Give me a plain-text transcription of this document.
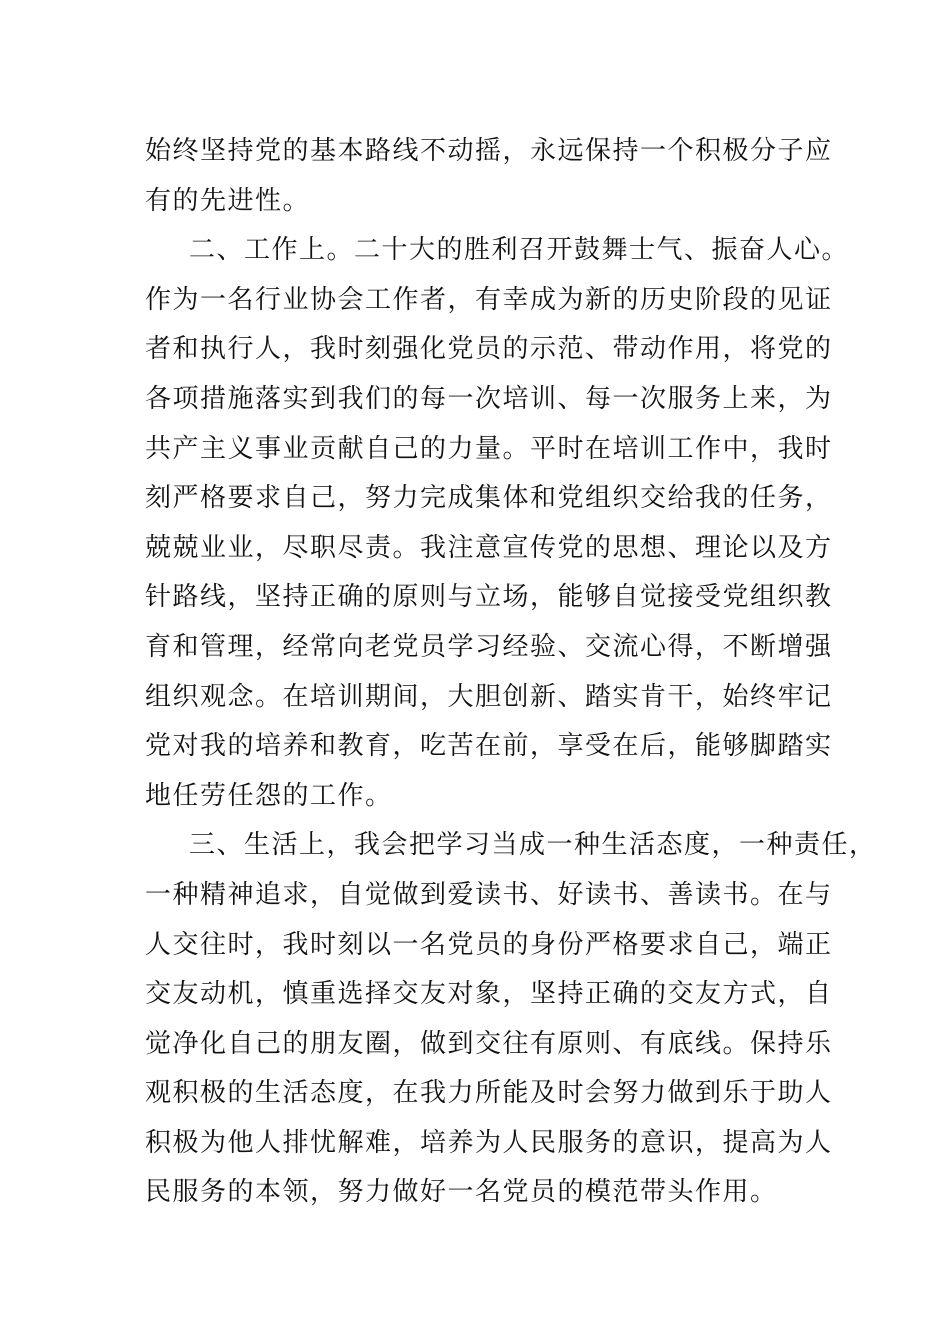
始终坚持党的基本路线不动摇，永远保持一个积极分子应
有的先进性。
二、工作上。二十大的胜利召开鼓舞士气、振奋人心。
作为一名行业协会工作者，有幸成为新的历史阶段的见证
者和执行人，我时刻强化党员的示范、带动作用，将党的
各项措施落实到我们的每一次培训、每一次服务上来，为
共产主义事业贡献自己的力量。平时在培训工作中，我时
刻严格要求自己，努力完成集体和党组织交给我的任务，
兢兢业业，尽职尽责。我注意宣传党的思想、理论以及方
针路线，坚持正确的原则与立场，能够自觉接受党组织教
育和管理，经常向老党员学习经验、交流心得，不断增强
组织观念。在培训期间，大胆创新、踏实肯干，始终牢记
党对我的培养和教育，吃苦在前，享受在后，能够脚踏实
地任劳任怨的工作。
三、生活上，我会把学习当成一种生活态度，一种责任，
一种精神追求，自觉做到爱读书、好读书、善读书。在与
人交往时，我时刻以一名党员的身份严格要求自己，端正
交友动机，慎重选择交友对象，坚持正确的交友方式，自
觉净化自己的朋友圈，做到交往有原则、有底线。保持乐
观积极的生活态度，在我力所能及时会努力做到乐于助人
积极为他人排忧解难，培养为人民服务的意识，提高为人
民服务的本领，努力做好一名党员的模范带头作用。
